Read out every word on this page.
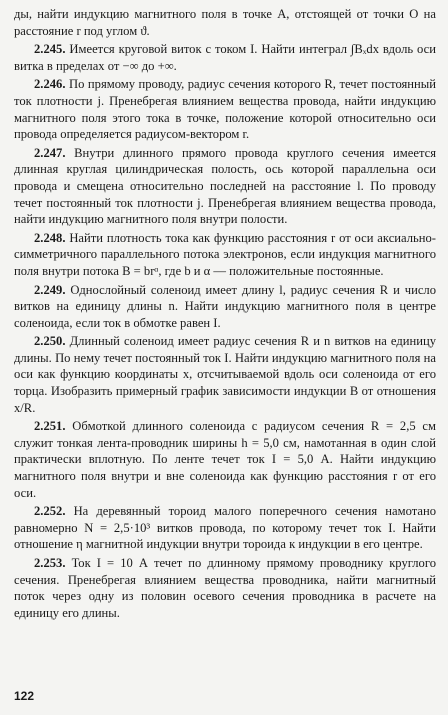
ды, найти индукцию магнитного поля в точке A, отстоящей от точки O на расстояние r под углом ϑ.

2.245. Имеется круговой виток с током I. Найти интеграл ∫Bₓdx вдоль оси витка в пределах от −∞ до +∞.
2.246. По прямому проводу, радиус сечения которого R, течет постоянный ток плотности j. Пренебрегая влиянием вещества провода, найти индукцию магнитного поля этого тока в точке, положение которой относительно оси провода определяется радиусом-вектором r.
2.247. Внутри длинного прямого провода круглого сечения имеется длинная круглая цилиндрическая полость, ось которой параллельна оси провода и смещена относительно последней на расстояние l. По проводу течет постоянный ток плотности j. Пренебрегая влиянием вещества провода, найти индукцию магнитного поля внутри полости.
2.248. Найти плотность тока как функцию расстояния r от оси аксиально-симметричного параллельного потока электронов, если индукция магнитного поля внутри потока B = brᵅ, где b и α — положительные постоянные.
2.249. Однослойный соленоид имеет длину l, радиус сечения R и число витков на единицу длины n. Найти индукцию магнитного поля в центре соленоида, если ток в обмотке равен I.
2.250. Длинный соленоид имеет радиус сечения R и n витков на единицу длины. По нему течет постоянный ток I. Найти индукцию магнитного поля на оси как функцию координаты x, отсчитываемой вдоль оси соленоида от его торца. Изобразить примерный график зависимости индукции B от отношения x/R.
2.251. Обмоткой длинного соленоида с радиусом сечения R = 2,5 см служит тонкая лента-проводник ширины h = 5,0 см, намотанная в один слой практически вплотную. По ленте течет ток I = 5,0 А. Найти индукцию магнитного поля внутри и вне соленоида как функцию расстояния r от его оси.
2.252. На деревянный тороид малого поперечного сечения намотано равномерно N = 2,5·10³ витков провода, по которому течет ток I. Найти отношение η магнитной индукции внутри тороида к индукции в его центре.
2.253. Ток I = 10 А течет по длинному прямому проводнику круглого сечения. Пренебрегая влиянием вещества проводника, найти магнитный поток через одну из половин осевого сечения проводника в расчете на единицу его длины.
122
